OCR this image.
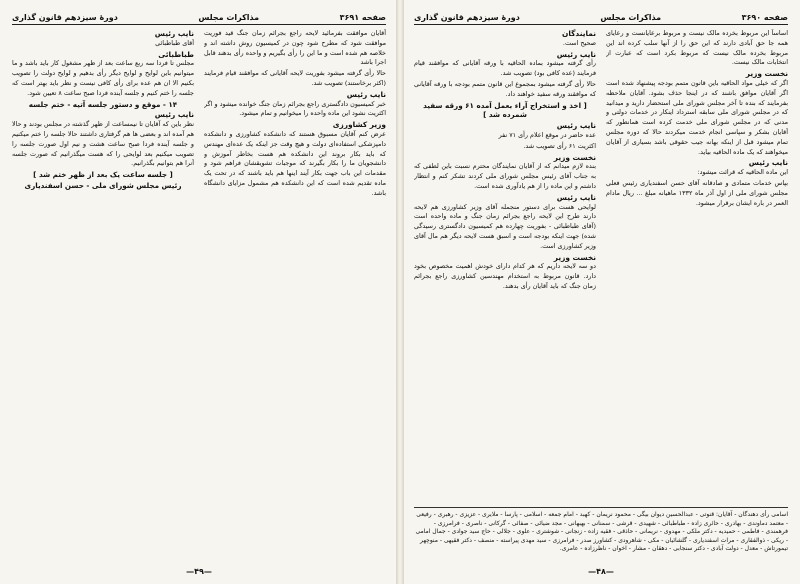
صفحه ۳۶۹۱
مذاکرات مجلس
دورهٔ سیزدهم قانون گذاری

آقایان موافقت بفرمائید لایحه راجع بجرائم زمان جنگ قید فوریت موافقت شود که مطرح شود چون در کمیسیون روش داشته اند و خلاصه هم شده است و ما این را رأی بگیریم و واحده رأی بدهند قابل اجرا باشد

حالا رأی گرفته میشود بفوریت لایحه آقایانی که موافقند قیام فرمایند (اکثر برخاستند) تصویب شد.

نایب رئیس

خبر کمیسیون دادگستری راجع بجرائم زمان جنگ خوانده میشود و اگر اکثریت نشود این ماده واحده را میخوانیم و تمام میشود.

وزیر کشاورزی

عرض کنم آقایان مسبوق هستند که دانشکده کشاورزی و دانشکده دامپزشکی استفاده‌ای دولت و هیچ وقت جز اینکه یک عده‌ای مهندس که باید بکار بروند این دانشکده هم هست بخاطر آموزش و دانشجویان ما را بکار بگیرند که موجبات تشویقشان فراهم شود و مقدمات این باب جهت بکار آیند اینها هم باید باشند که در تحت یک ماده تقدیم شده است که این دانشکده هم مشمول مزایای دانشگاه باشد.

نایب رئیس

آقای طباطبائی

طباطبائی

مجلس تا فردا سه ربع ساعت بعد از ظهر مشغول کار باید باشد و ما میتوانیم باین لوایح و لوایح دیگر رأی بدهیم و لوایح دولت را تصویب بکنیم الا ان هم عده برای رأی کافی نیست و نظر باید بهتر است که جلسه را ختم کنیم و جلسه آینده فردا صبح ساعت ۸ تعیین شود.

۱۴ - موقع و دستور جلسه آتیه - ختم جلسه

نایب رئیس

نظر باین که آقایان تا نیمساعت از ظهر گذشته در مجلس بودند و حالا هم آمده اند و بعضی ها هم گرفتاری داشتند حالا جلسه را ختم میکنیم و جلسه آینده فردا صبح ساعت هشت و نیم اول صورت جلسه را تصویب میکنیم بعد لوایحی را که هست میگذرانیم که صورت جلسه آنرا هم بتوانیم بگذرانیم.

[ جلسه ساعت یک بعد از ظهر ختم شد ]

رئیس مجلس شورای ملی - حسن اسفندیاری

—۴۹—
صفحه ۳۶۹۰
مذاکرات مجلس
دورهٔ سیزدهم قانون گذاری

اساساً این مربوط بخرده مالک نیست و مربوط برعایانست و رعایای همه جا حق آبادی دارند که این حق را از آنها سلب کرده اند این مربوط بخرده مالک نیست که مربوط بکرد است که عبارت از انتخابات مالک نیست.

نخست وزیر

اگر که خیلی مواد الحاقیه باین قانون متمم بودجه پیشنهاد شده است اگر آقایان موافق باشند که در اینجا حذف بشود. آقایان ملاحظه بفرمایند که بنده تا آخر مجلس شورای ملی استحضار دارید و میدانید که در مجلس شورای ملی سابقه استرداد اینکار در خدمات دولتی و مدنی که در مجلس شورای ملی خدمت کرده است همانطور که آقایان بشکر و سپاسی انجام خدمت میکردند حالا که دوره مجلس تمام میشود قبل از اینکه بهانه جیب حقوقی باشد بسیاری از آقایان میخواهند که یک ماده الحاقیه بیاید.

نایب رئیس

این ماده الحاقیه که قرائت میشود:

بپاس خدمات متمادی و صادقانه آقای حسن اسفندیاری رئیس فعلی مجلس شورای ملی از اول آذر ماه ۱۳۳۲ ماهیانه مبلغ ... ریال مادام العمر در باره ایشان برقرار میشود.

نمایندگان

صحیح است.

نایب رئیس

رأی گرفته میشود بماده الحاقیه با ورقه آقایانی که موافقند قیام فرمایند (عده کافی بود) تصویب شد.

حالا رأی گرفته میشود بمجموع این قانون متمم بودجه با ورقه آقایانی که موافقند ورقه سفید خواهند داد.

[ اخذ و استخراج آراء بعمل آمده ۶۱ ورقه سفید شمرده شد ]

نایب رئیس

عده حاضر در موقع اعلام رأی ۷۱ نفر

اکثریت ۶۱ رأی تصویب شد.

نخست وزیر

بنده لازم میدانم که از آقایان نمایندگان محترم نسبت باین لطفی که به جناب آقای رئیس مجلس شورای ملی کردند تشکر کنم و انتظار داشتم و این ماده را از هم یادآوری شده است.

نایب رئیس

لوایحی هست برای دستور منجمله آقای وزیر کشاورزی هم لایحه دارند طرح این لایحه راجع بجرائم زمان جنگ و ماده واحده است (آقای طباطبائی - بفوریت چهارده هم کمیسیون دادگستری رسیدگی شده) جهت اینکه بودجه است و اسبق هست لایحه دیگر هم مال آقای وزیر کشاورزی است.

نخست وزیر

دو سه لایحه داریم که هر کدام دارای خودش اهمیت مخصوص بخود دارد. قانون مربوط به استخدام مهندسین کشاورزی راجع بجرائم زمان جنگ که باید آقایان رأی بدهند.

اسامی رأی دهندگان - آقایان: قنوتی - عبدالحسین دیوان بیگی - محمود نریمان - کهبد - امام جمعه - اسلامی - پارسا - ملایری - عزیزی - رهبری - رفیعی - معتمد دماوندی - بهادری - حائری زاده - طباطبائی - شهیدی - قرشی - سمنانی - بهبهانی - مجد ضیائی - صفائی - گرکانی - ناصری - فرامرزی - فرهمندی - فاطمی - حمیدیه - دکتر ملکی - مهدوی - نریمانی - حاذقی - فقیه زاده - زنجانی - شوشتری - علوی - جلالی - حاج سید جوادی - جمال امامی - ریکی - ذوالفقاری - مرات اسفندیاری - گلشائیان - مکی - شاهرودی - کشاورز صدر - فرامرزی - سید مهدی پیراسته - منصف - دکتر فقیهی - منوچهر تیمورتاش - معدل - دولت آبادی - دکتر سنجابی - دهقان - مشار - اخوان - ناظرزاده - عامری.
—۴۸—
